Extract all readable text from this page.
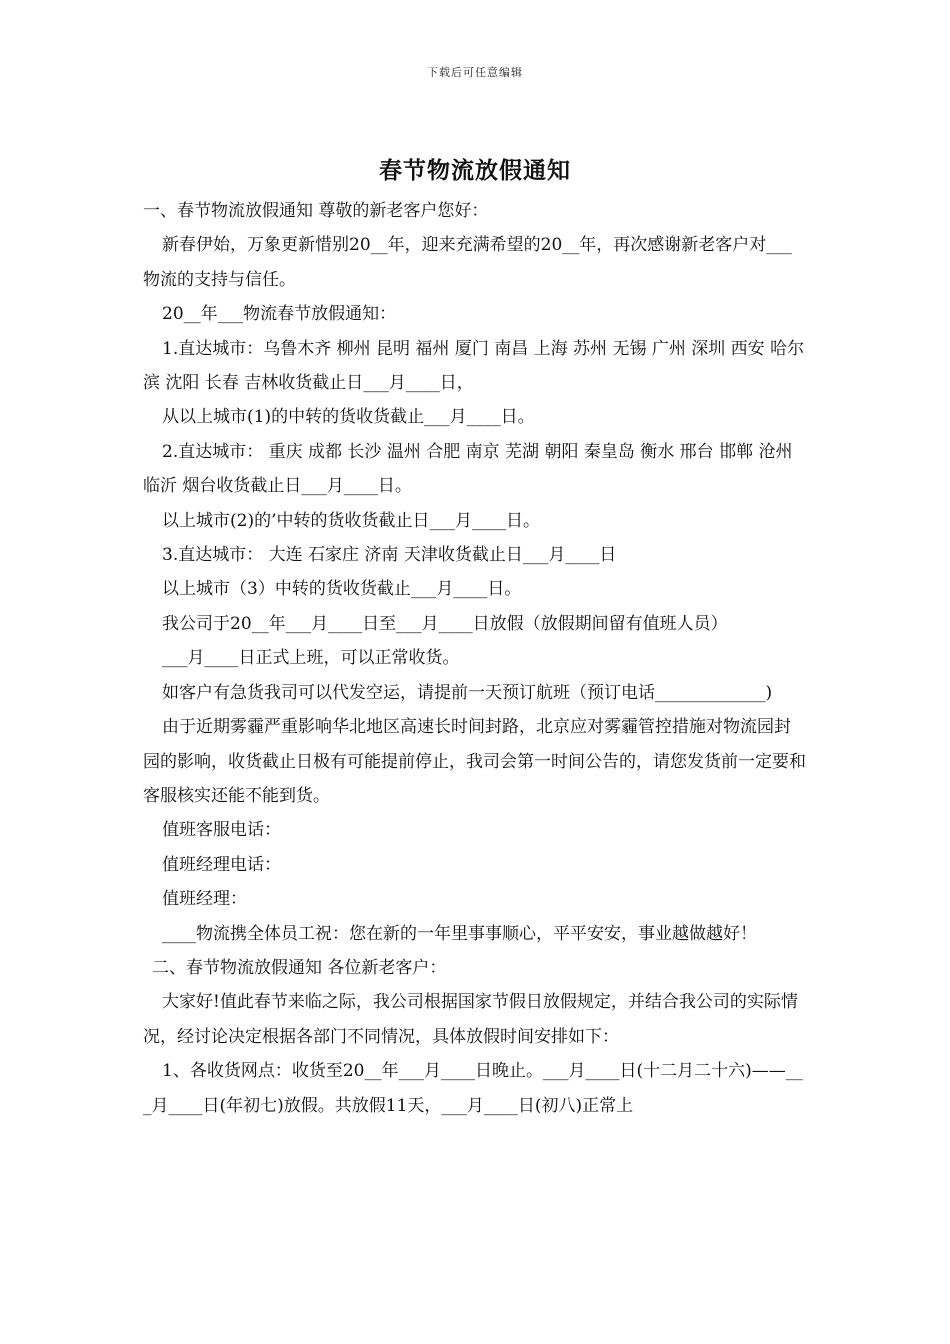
下载后可任意编辑
春节物流放假通知

一、春节物流放假通知 尊敬的新老客户您好：

新春伊始，万象更新惜别20__年，迎来充满希望的20__年，再次感谢新老客户对___物流的支持与信任。

20__年___物流春节放假通知：

1.直达城市：乌鲁木齐 柳州 昆明 福州 厦门 南昌 上海 苏州 无锡 广州 深圳 西安 哈尔滨 沈阳 长春 吉林收货截止日___月____日，

从以上城市(1)的中转的货收货截止___月____日。

2.直达城市： 重庆 成都 长沙 温州 合肥 南京 芜湖 朝阳 秦皇岛 衡水 邢台 邯郸 沧州 临沂 烟台收货截止日___月____日。

以上城市(2)的’中转的货收货截止日___月____日。

3.直达城市： 大连 石家庄 济南 天津收货截止日___月____日

以上城市（3）中转的货收货截止___月____日。

我公司于20__年___月____日至___月____日放假（放假期间留有值班人员）

___月____日正式上班，可以正常收货。

如客户有急货我司可以代发空运，请提前一天预订航班（预订电话_____________)

由于近期雾霾严重影响华北地区高速长时间封路，北京应对雾霾管控措施对物流园封园的影响，收货截止日极有可能提前停止，我司会第一时间公告的，请您发货前一定要和客服核实还能不能到货。

值班客服电话：

值班经理电话：

值班经理：

____物流携全体员工祝：您在新的一年里事事顺心，平平安安，事业越做越好！

二、春节物流放假通知 各位新老客户：

大家好!值此春节来临之际，我公司根据国家节假日放假规定，并结合我公司的实际情况，经讨论决定根据各部门不同情况，具体放假时间安排如下：

1、各收货网点：收货至20__年___月____日晚止。___月____日(十二月二十六)——___月____日(年初七)放假。共放假11天，___月____日(初八)正常上
